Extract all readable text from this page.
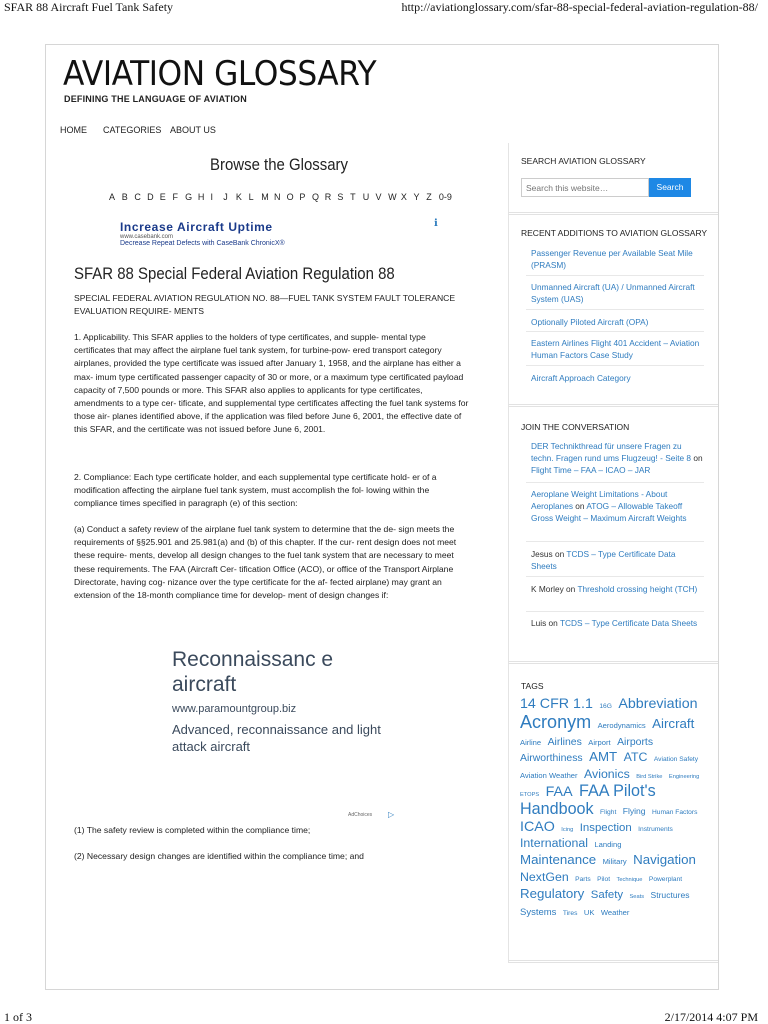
SFAR 88 Aircraft Fuel Tank Safety	http://aviationglossary.com/sfar-88-special-federal-aviation-regulation-88/
1 of 3	2/17/2014 4:07 PM
AVIATION GLOSSARY
DEFINING THE LANGUAGE OF AVIATION
HOME CATEGORIES ABOUT US
Browse the Glossary
A B C D E F G H I	J K L M N O P Q R S T U V W X Y Z 0-9
Increase Aircraft Uptime
www.casebank.com
Decrease Repeat Defects with CaseBank ChronicX®
ℹ
SFAR 88 Special Federal Aviation Regulation 88
SPECIAL FEDERAL AVIATION REGULATION NO. 88—FUEL TANK SYSTEM FAULT TOLERANCE EVALUATION REQUIRE- MENTS
1. Applicability. This SFAR applies to the holders of type certificates, and supple- mental type certificates that may affect the airplane fuel tank system, for turbine-pow- ered transport category airplanes, provided the type certificate was issued after January 1, 1958, and the airplane has either a max- imum type certificated passenger capacity of 30 or more, or a maximum type certificated payload capacity of 7,500 pounds or more. This SFAR also applies to applicants for type certificates, amendments to a type cer- tificate, and supplemental type certificates affecting the fuel tank systems for those air- planes identified above, if the application was filed before June 6, 2001, the effective date of this SFAR, and the certificate was not issued before June 6, 2001.
2. Compliance: Each type certificate holder, and each supplemental type certificate hold- er of a modification affecting the airplane fuel tank system, must accomplish the fol- lowing within the compliance times specified in paragraph (e) of this section:
(a) Conduct a safety review of the airplane fuel tank system to determine that the de- sign meets the requirements of §§25.901 and 25.981(a) and (b) of this chapter. If the cur- rent design does not meet these require- ments, develop all design changes to the fuel tank system that are necessary to meet these requirements. The FAA (Aircraft Cer- tification Office (ACO), or office of the Transport Airplane Directorate, having cog- nizance over the type certificate for the af- fected airplane) may grant an extension of the 18-month compliance time for develop- ment of design changes if:
Reconnaissanc e aircraft
www.paramountgroup.biz
Advanced, reconnaissance and light attack aircraft
AdChoices ▷
(1) The safety review is completed within the compliance time;
(2) Necessary design changes are identified within the compliance time; and
SEARCH AVIATION GLOSSARY
Search this website…
Search
RECENT ADDITIONS TO AVIATION GLOSSARY
Passenger Revenue per Available Seat Mile (PRASM)
Unmanned Aircraft (UA) / Unmanned Aircraft System (UAS)
Optionally Piloted Aircraft (OPA)
Eastern Airlines Flight 401 Accident – Aviation Human Factors Case Study
Aircraft Approach Category
JOIN THE CONVERSATION
DER Technikthread für unsere Fragen zu techn. Fragen rund ums Flugzeug! - Seite 8 on Flight Time – FAA – ICAO – JAR
Aeroplane Weight Limitations - About Aeroplanes on ATOG – Allowable Takeoff Gross Weight – Maximum Aircraft Weights
Jesus on TCDS – Type Certificate Data Sheets
K Morley on Threshold crossing height (TCH)
Luis on TCDS – Type Certificate Data Sheets
TAGS
14 CFR 1.1 16G Abbreviation Acronym Aerodynamics Aircraft Airline Airlines Airport Airports Airworthiness AMT ATC Aviation Safety Aviation Weather Avionics Bird Strike Engineering ETOPS FAA FAA Pilot's Handbook Flight Flying Human Factors ICAO Icing Inspection Instruments International Landing Maintenance Military Navigation NextGen Parts Pilot Technique Powerplant Regulatory Safety Seats Structures Systems Tires UK Weather
